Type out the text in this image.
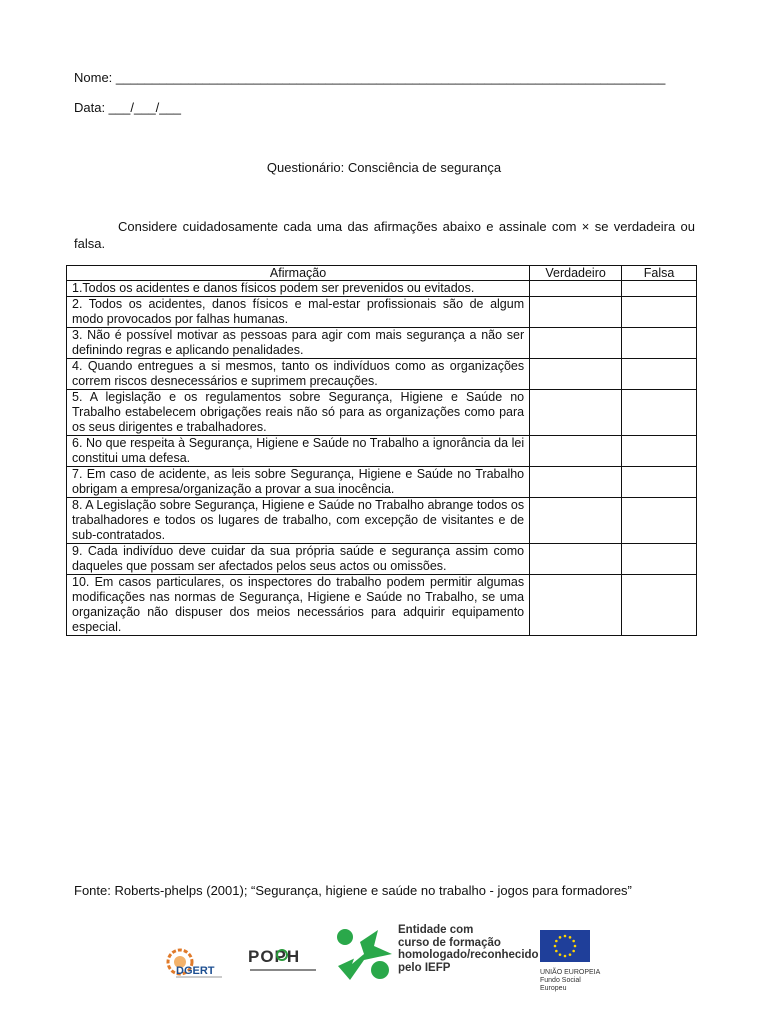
Nome: ____________________________________________________________________________
Data: ___/___/___
Questionário: Consciência de segurança
Considere cuidadosamente cada uma das afirmações abaixo e assinale com × se verdadeira ou falsa.
Afirmação	Verdadeiro	Falsa
1.Todos os acidentes e danos físicos podem ser prevenidos ou evitados.		
2. Todos os acidentes, danos físicos e mal-estar profissionais são de algum modo provocados por falhas humanas.		
3. Não é possível motivar as pessoas para agir com mais segurança a não ser definindo regras e aplicando penalidades.		
4. Quando entregues a si mesmos, tanto os indivíduos como as organizações correm riscos desnecessários e suprimem precauções.		
5. A legislação e os regulamentos sobre Segurança, Higiene e Saúde no Trabalho estabelecem obrigações reais não só para as organizações como para os seus dirigentes e trabalhadores.		
6. No que respeita à Segurança, Higiene e Saúde no Trabalho a ignorância da lei constitui uma defesa.		
7. Em caso de acidente, as leis sobre Segurança, Higiene e Saúde no Trabalho obrigam a empresa/organização a provar a sua inocência.		
8. A Legislação sobre Segurança, Higiene e Saúde no Trabalho abrange todos os trabalhadores e todos os lugares de trabalho, com excepção de visitantes e de sub-contratados.		
9. Cada indivíduo deve cuidar da sua própria saúde e segurança assim como daqueles que possam ser afectados pelos seus actos ou omissões.		
10. Em casos particulares, os inspectores do trabalho podem permitir algumas modificações nas normas de Segurança, Higiene e Saúde no Trabalho, se uma organização não dispuser dos meios necessários para adquirir equipamento especial.		
Fonte: Roberts-phelps (2001); “Segurança, higiene e saúde no trabalho - jogos para formadores”
DGERT
POPH
Entidade com
curso de formação
homologado/reconhecido
pelo IEFP	UNIÃO EUROPEIA
Fundo Social Europeu
